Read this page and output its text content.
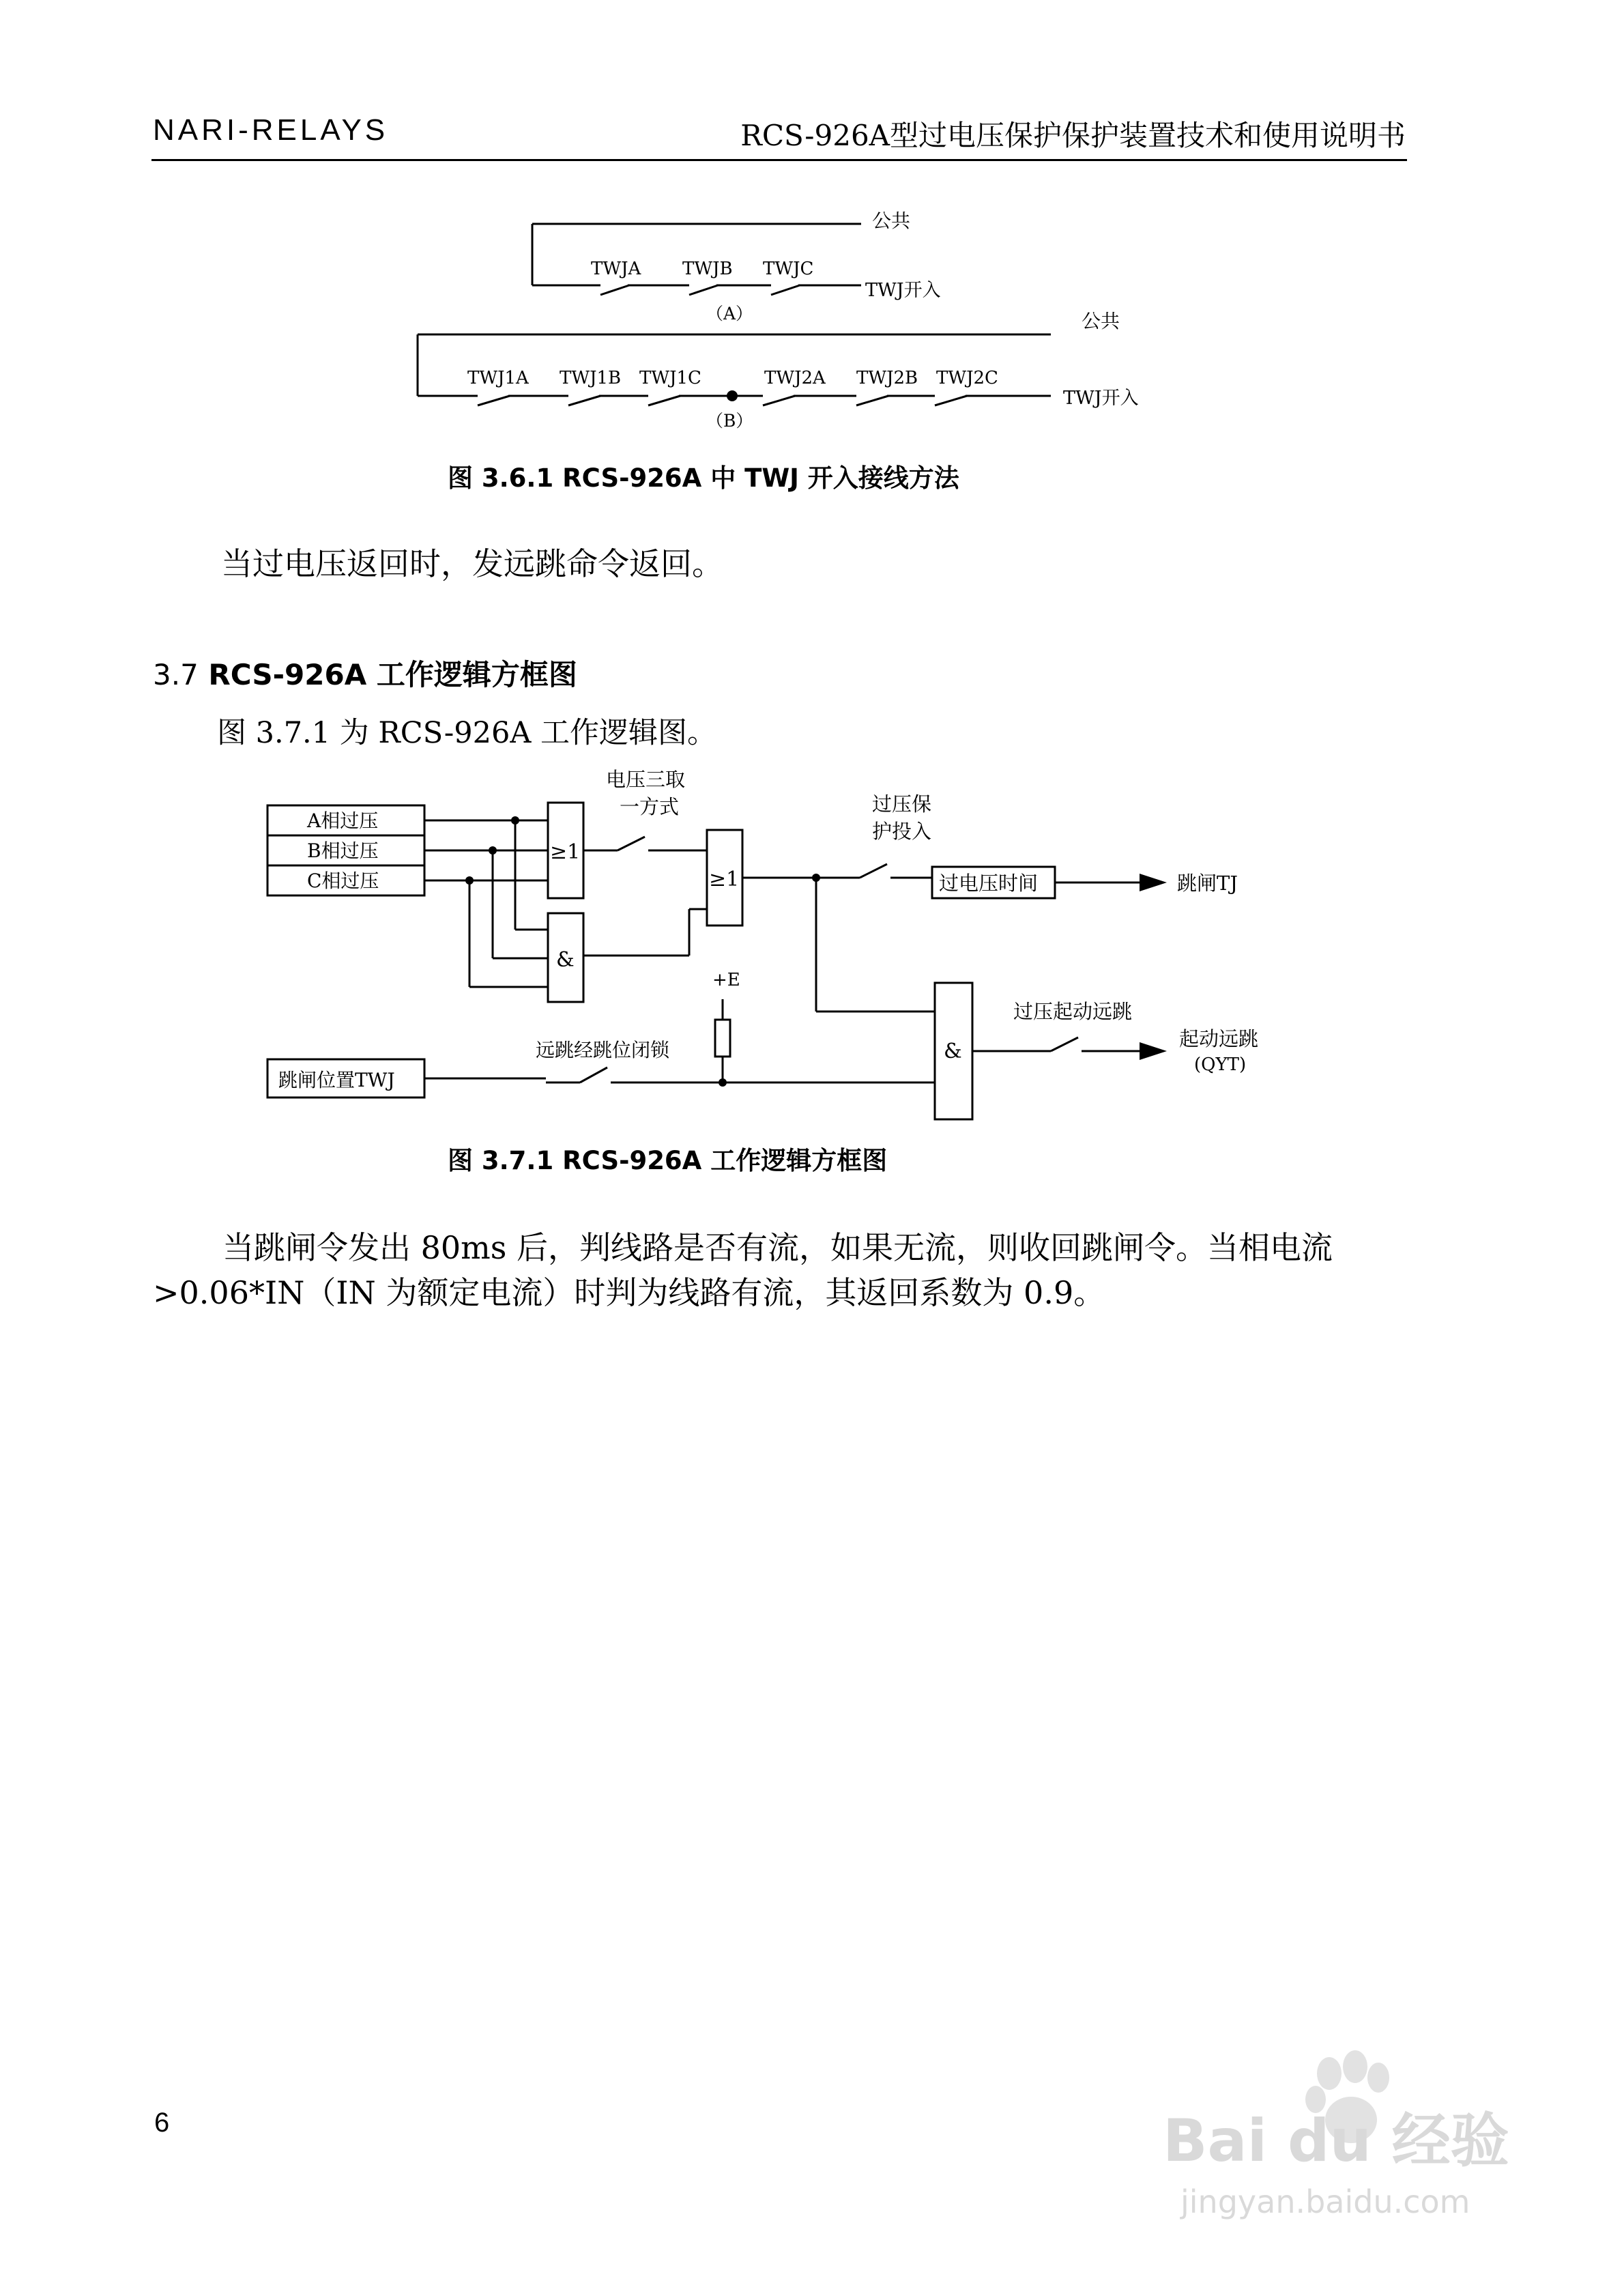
NARI-RELAYS	RCS-926A型过电压保护保护装置技术和使用说明书
公共
TWJA TWJB TWJC
TWJ开入
（A）	公共
TWJ1A TWJ1B TWJ1C	TWJ2A TWJ2B TWJ2C
TWJ开入
（B）
图 3.6.1 RCS-926A 中 TWJ 开入接线方法
当过电压返回时，发远跳命令返回。
3.7 RCS-926A 工作逻辑方框图
图 3.7.1 为 RCS-926A 工作逻辑图。
A相过压
B相过压
C相过压
≥1
&
电压三取
一方式
≥1
过压保
护投入
过电压时间	跳闸TJ
+E
跳闸位置TWJ
远跳经跳位闭锁	&
过压起动远跳
起动远跳
(QYT)
图 3.7.1 RCS-926A 工作逻辑方框图
当跳闸令发出 80ms 后，判线路是否有流，如果无流，则收回跳闸令。当相电流
>0.06*IN（IN 为额定电流）时判为线路有流，其返回系数为 0.9。
6	Bai du 经验
jingyan.baidu.com
